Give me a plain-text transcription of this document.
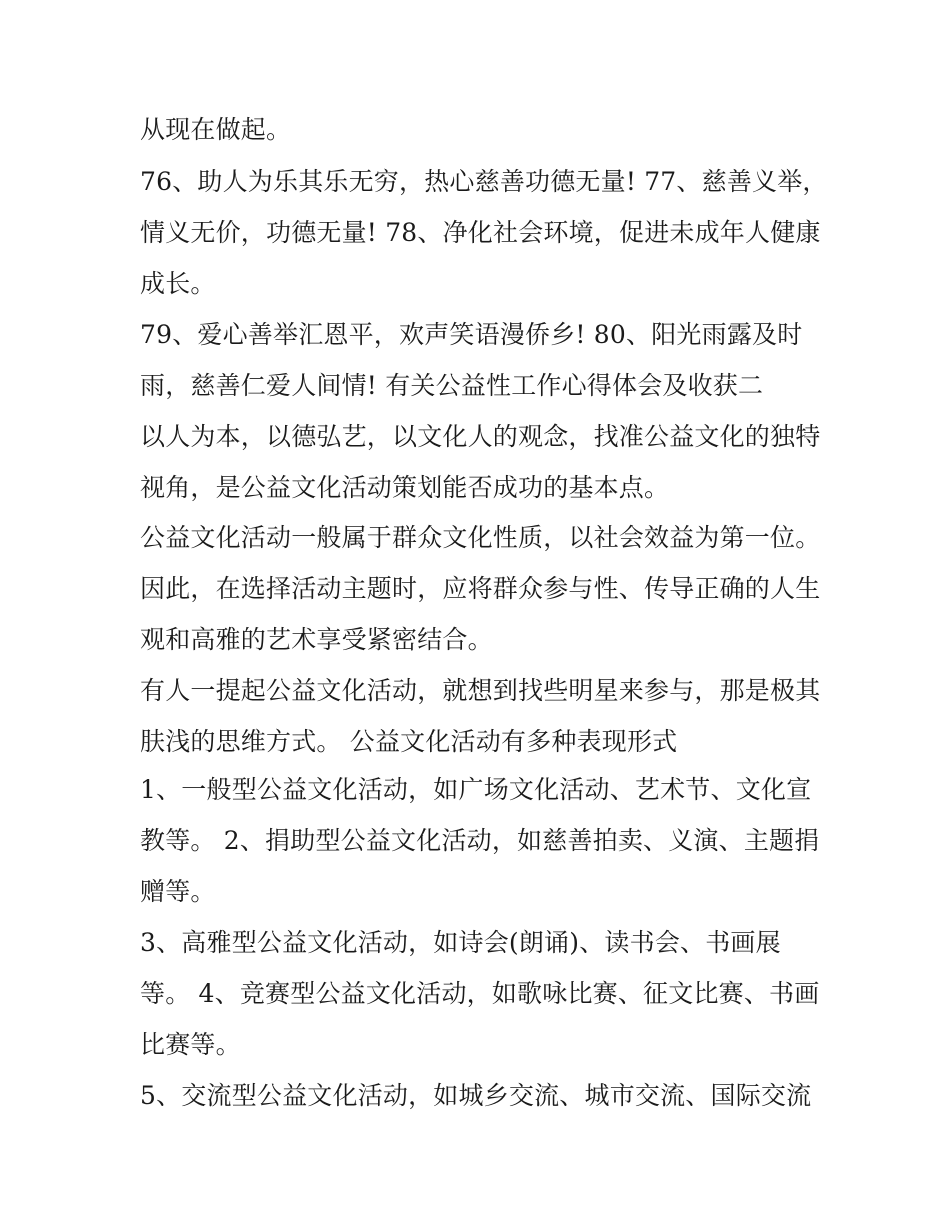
从现在做起。
76、助人为乐其乐无穷，热心慈善功德无量! 77、慈善义举，
情义无价，功德无量! 78、净化社会环境，促进未成年人健康
成长。
79、爱心善举汇恩平，欢声笑语漫侨乡! 80、阳光雨露及时
雨，慈善仁爱人间情! 有关公益性工作心得体会及收获二
以人为本，以德弘艺，以文化人的观念，找准公益文化的独特
视角，是公益文化活动策划能否成功的基本点。
公益文化活动一般属于群众文化性质，以社会效益为第一位。
因此，在选择活动主题时，应将群众参与性、传导正确的人生
观和高雅的艺术享受紧密结合。
有人一提起公益文化活动，就想到找些明星来参与，那是极其
肤浅的思维方式。 公益文化活动有多种表现形式
1、一般型公益文化活动，如广场文化活动、艺术节、文化宣
教等。 2、捐助型公益文化活动，如慈善拍卖、义演、主题捐
赠等。
3、高雅型公益文化活动，如诗会(朗诵)、读书会、书画展
等。 4、竞赛型公益文化活动，如歌咏比赛、征文比赛、书画
比赛等。
5、交流型公益文化活动，如城乡交流、城市交流、国际交流
